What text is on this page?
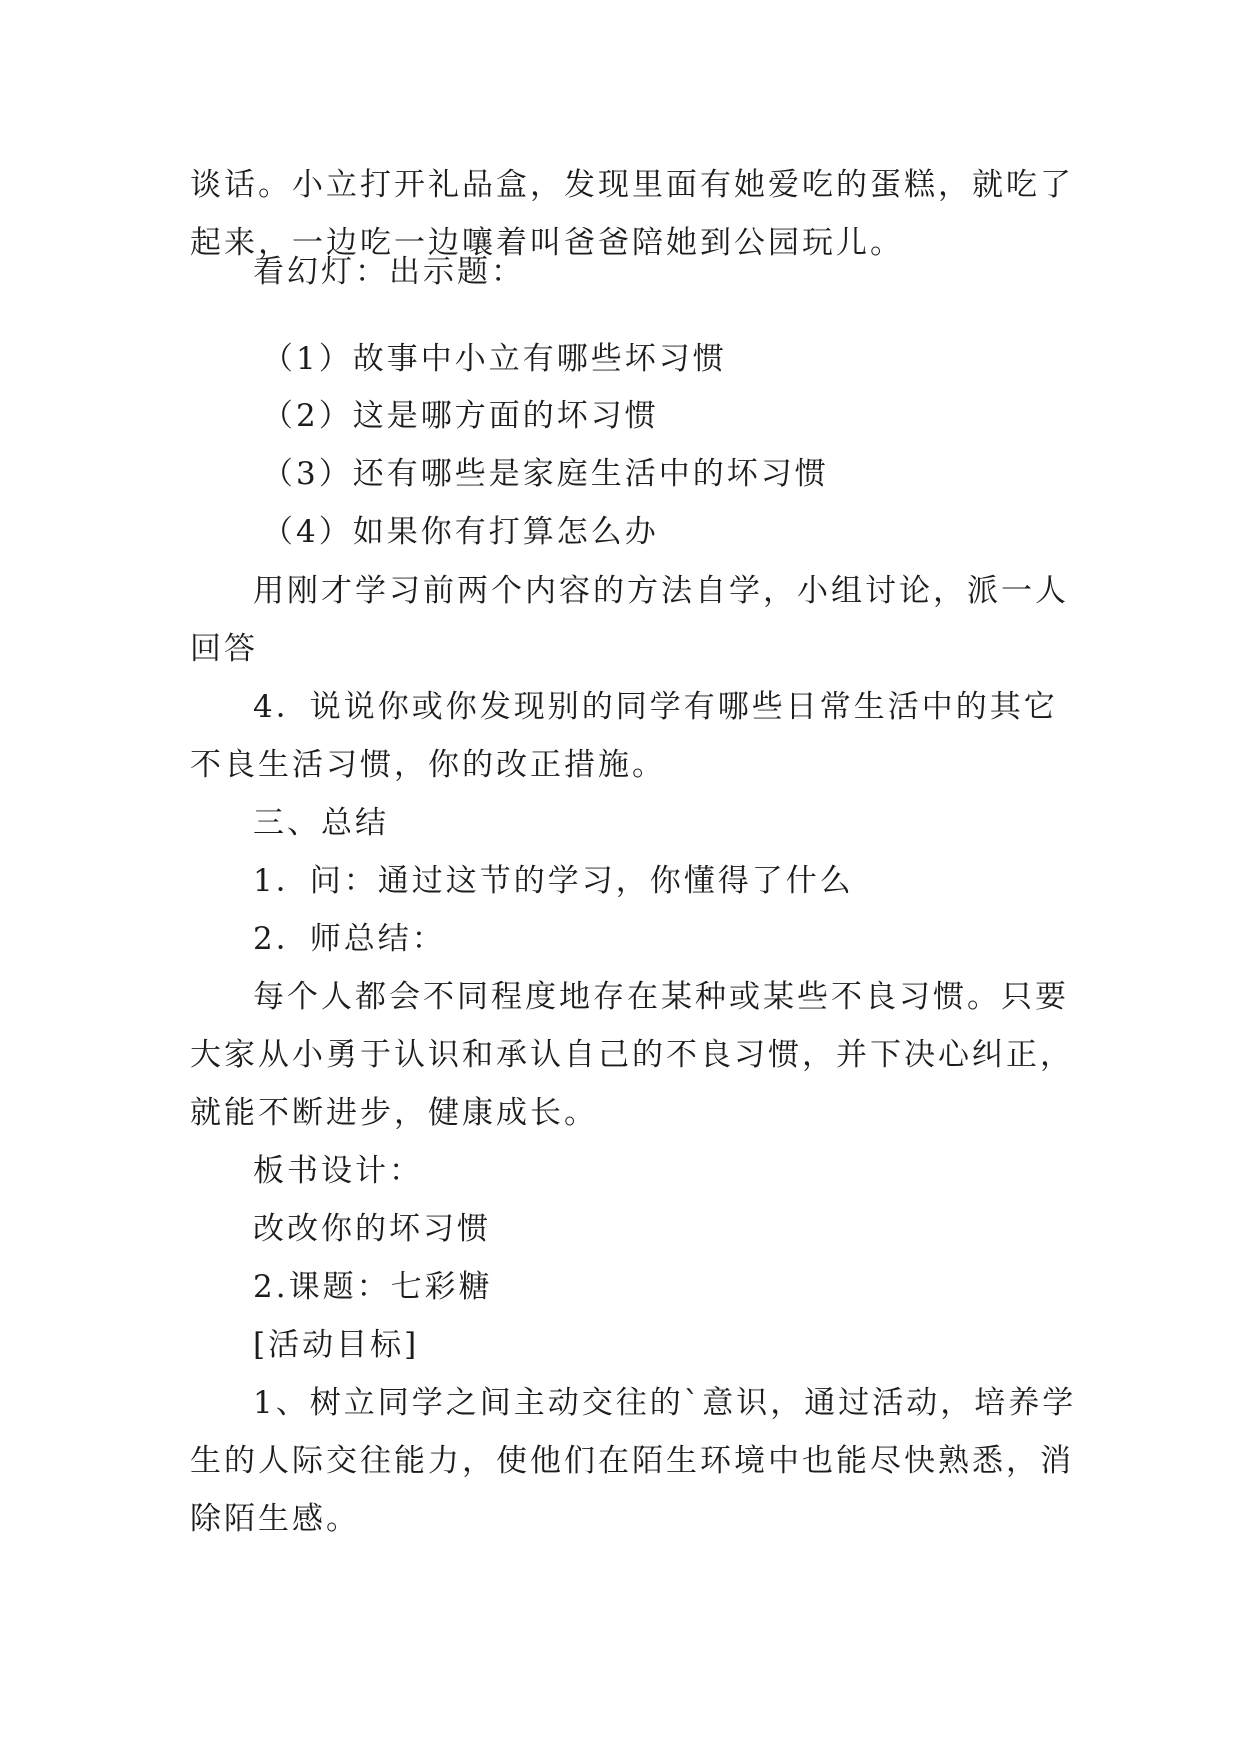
谈话。小立打开礼品盒，发现里面有她爱吃的蛋糕，就吃了
起来，一边吃一边嚷着叫爸爸陪她到公园玩儿。

看幻灯：出示题：

（1）故事中小立有哪些坏习惯

（2）这是哪方面的坏习惯

（3）还有哪些是家庭生活中的坏习惯

（4）如果你有打算怎么办

用刚才学习前两个内容的方法自学，小组讨论，派一人
回答

4．说说你或你发现别的同学有哪些日常生活中的其它
不良生活习惯，你的改正措施。

三、总结

1．问：通过这节的学习，你懂得了什么

2．师总结：

每个人都会不同程度地存在某种或某些不良习惯。只要
大家从小勇于认识和承认自己的不良习惯，并下决心纠正，
就能不断进步，健康成长。

板书设计：

改改你的坏习惯

2.课题：七彩糖

[活动目标]

1、树立同学之间主动交往的`意识，通过活动，培养学
生的人际交往能力，使他们在陌生环境中也能尽快熟悉，消
除陌生感。
